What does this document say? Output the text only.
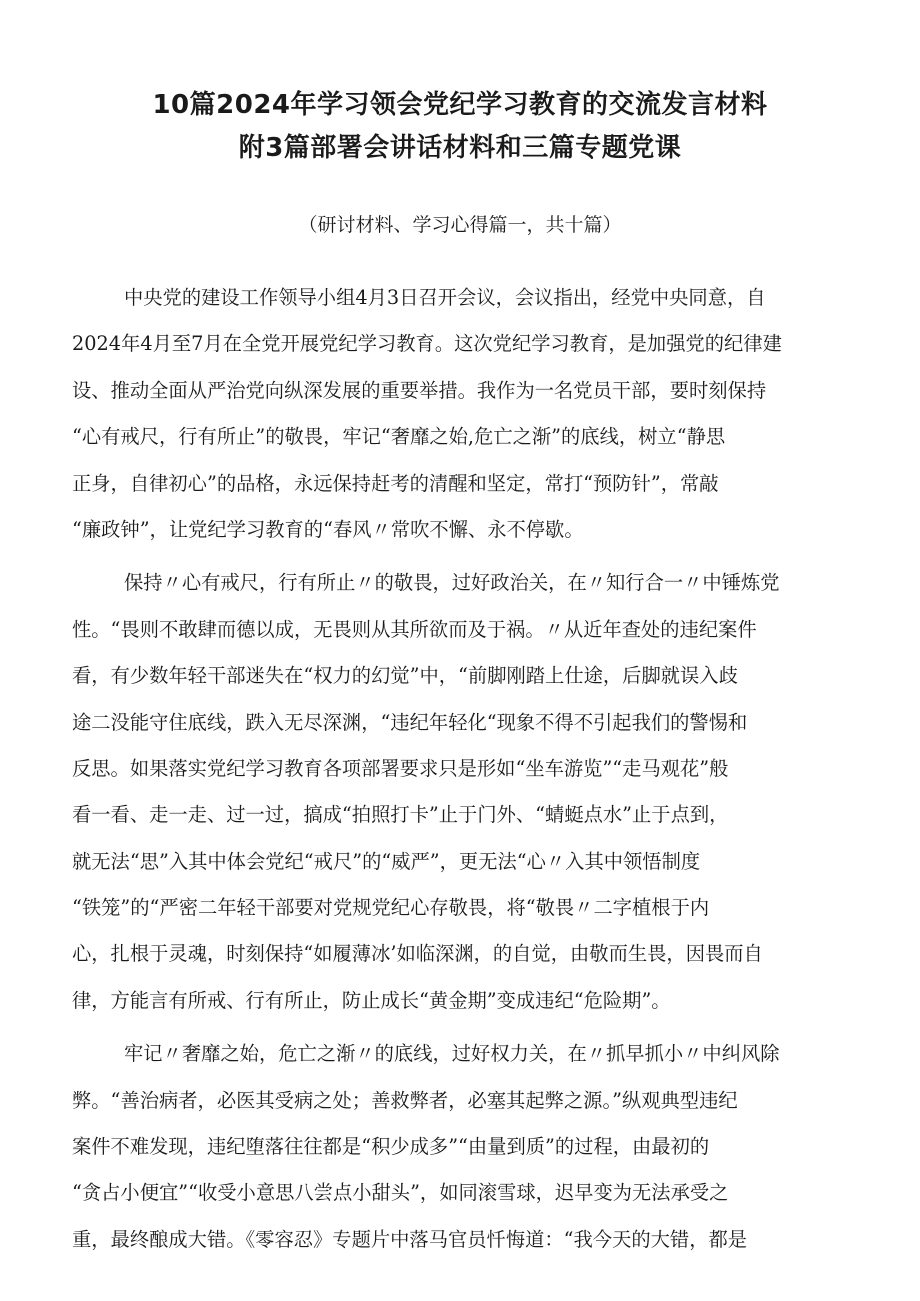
10篇2024年学习领会党纪学习教育的交流发言材料
附3篇部署会讲话材料和三篇专题党课
（研讨材料、学习心得篇一，共十篇）
中央党的建设工作领导小组4月3日召开会议，会议指出，经党中央同意，自
2024年4月至7月在全党开展党纪学习教育。这次党纪学习教育，是加强党的纪律建
设、推动全面从严治党向纵深发展的重要举措。我作为一名党员干部，要时刻保持
“心有戒尺，行有所止”的敬畏，牢记“奢靡之始,危亡之渐”的底线，树立“静思
正身，自律初心”的品格，永远保持赶考的清醒和坚定，常打“预防针”，常敲
“廉政钟”，让党纪学习教育的“春风〃常吹不懈、永不停歇。
保持〃心有戒尺，行有所止〃的敬畏，过好政治关，在〃知行合一〃中锤炼党
性。“畏则不敢肆而德以成，无畏则从其所欲而及于祸。〃从近年查处的违纪案件
看，有少数年轻干部迷失在“权力的幻觉”中，“前脚刚踏上仕途，后脚就误入歧
途二没能守住底线，跌入无尽深渊，“违纪年轻化“现象不得不引起我们的警惕和
反思。如果落实党纪学习教育各项部署要求只是形如“坐车游览”“走马观花”般
看一看、走一走、过一过，搞成“拍照打卡”止于门外、“蜻蜓点水”止于点到，
就无法“思”入其中体会党纪“戒尺”的“威严”，更无法“心〃入其中领悟制度
“铁笼”的“严密二年轻干部要对党规党纪心存敬畏，将“敬畏〃二字植根于内
心，扎根于灵魂，时刻保持“如履薄冰’如临深渊，的自觉，由敬而生畏，因畏而自
律，方能言有所戒、行有所止，防止成长“黄金期”变成违纪“危险期”。
牢记〃奢靡之始，危亡之渐〃的底线，过好权力关，在〃抓早抓小〃中纠风除
弊。“善治病者，必医其受病之处；善救弊者，必塞其起弊之源。”纵观典型违纪
案件不难发现，违纪堕落往往都是“积少成多”“由量到质”的过程，由最初的
“贪占小便宜”“收受小意思八尝点小甜头”，如同滚雪球，迟早变为无法承受之
重，最终酿成大错。《零容忍》专题片中落马官员忏悔道：“我今天的大错，都是
